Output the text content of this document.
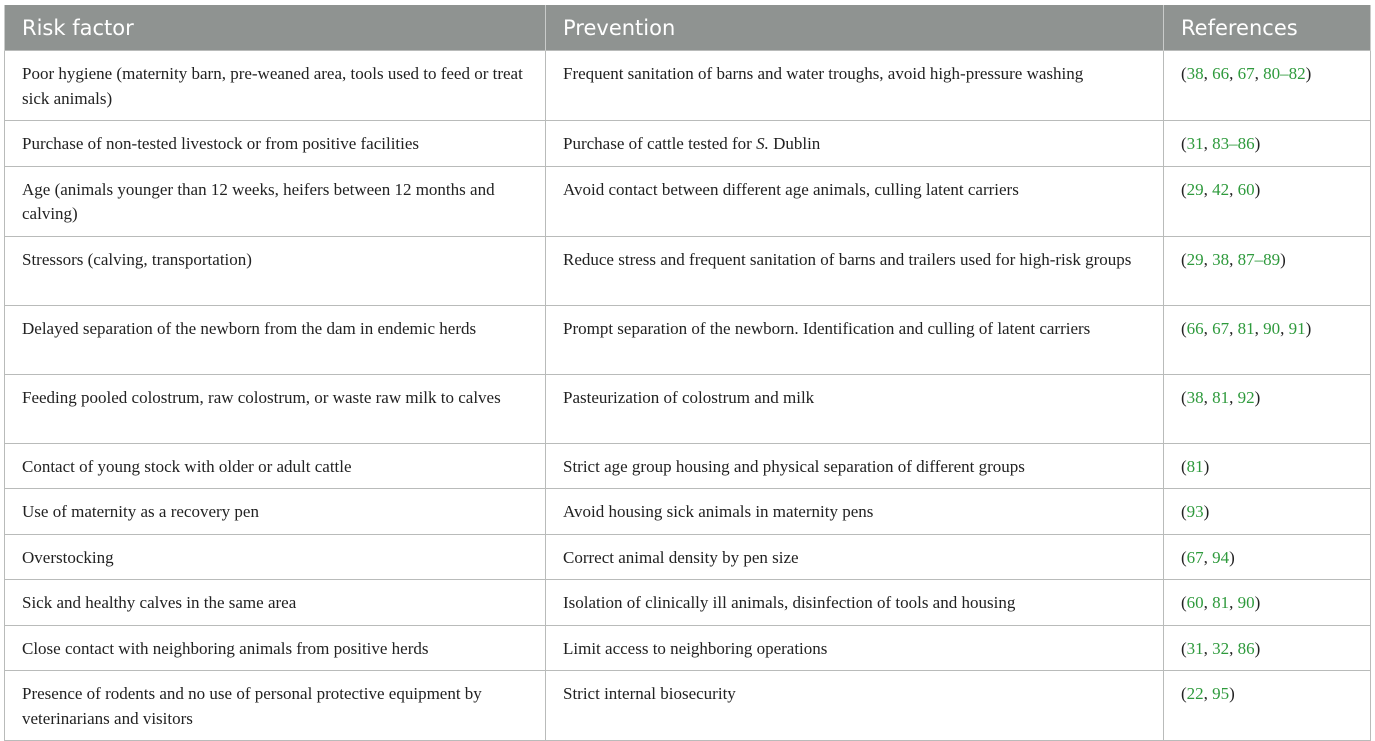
Risk factor	Prevention	References
Poor hygiene (maternity barn, pre-weaned area, tools used to feed or treat sick animals)	Frequent sanitation of barns and water troughs, avoid high-pressure washing	(38, 66, 67, 80–82)
Purchase of non-tested livestock or from positive facilities	Purchase of cattle tested for S. Dublin	(31, 83–86)
Age (animals younger than 12 weeks, heifers between 12 months and calving)	Avoid contact between different age animals, culling latent carriers	(29, 42, 60)
Stressors (calving, transportation)	Reduce stress and frequent sanitation of barns and trailers used for high-risk groups	(29, 38, 87–89)
Delayed separation of the newborn from the dam in endemic herds	Prompt separation of the newborn. Identification and culling of latent carriers	(66, 67, 81, 90, 91)
Feeding pooled colostrum, raw colostrum, or waste raw milk to calves	Pasteurization of colostrum and milk	(38, 81, 92)
Contact of young stock with older or adult cattle	Strict age group housing and physical separation of different groups	(81)
Use of maternity as a recovery pen	Avoid housing sick animals in maternity pens	(93)
Overstocking	Correct animal density by pen size	(67, 94)
Sick and healthy calves in the same area	Isolation of clinically ill animals, disinfection of tools and housing	(60, 81, 90)
Close contact with neighboring animals from positive herds	Limit access to neighboring operations	(31, 32, 86)
Presence of rodents and no use of personal protective equipment by veterinarians and visitors	Strict internal biosecurity	(22, 95)
